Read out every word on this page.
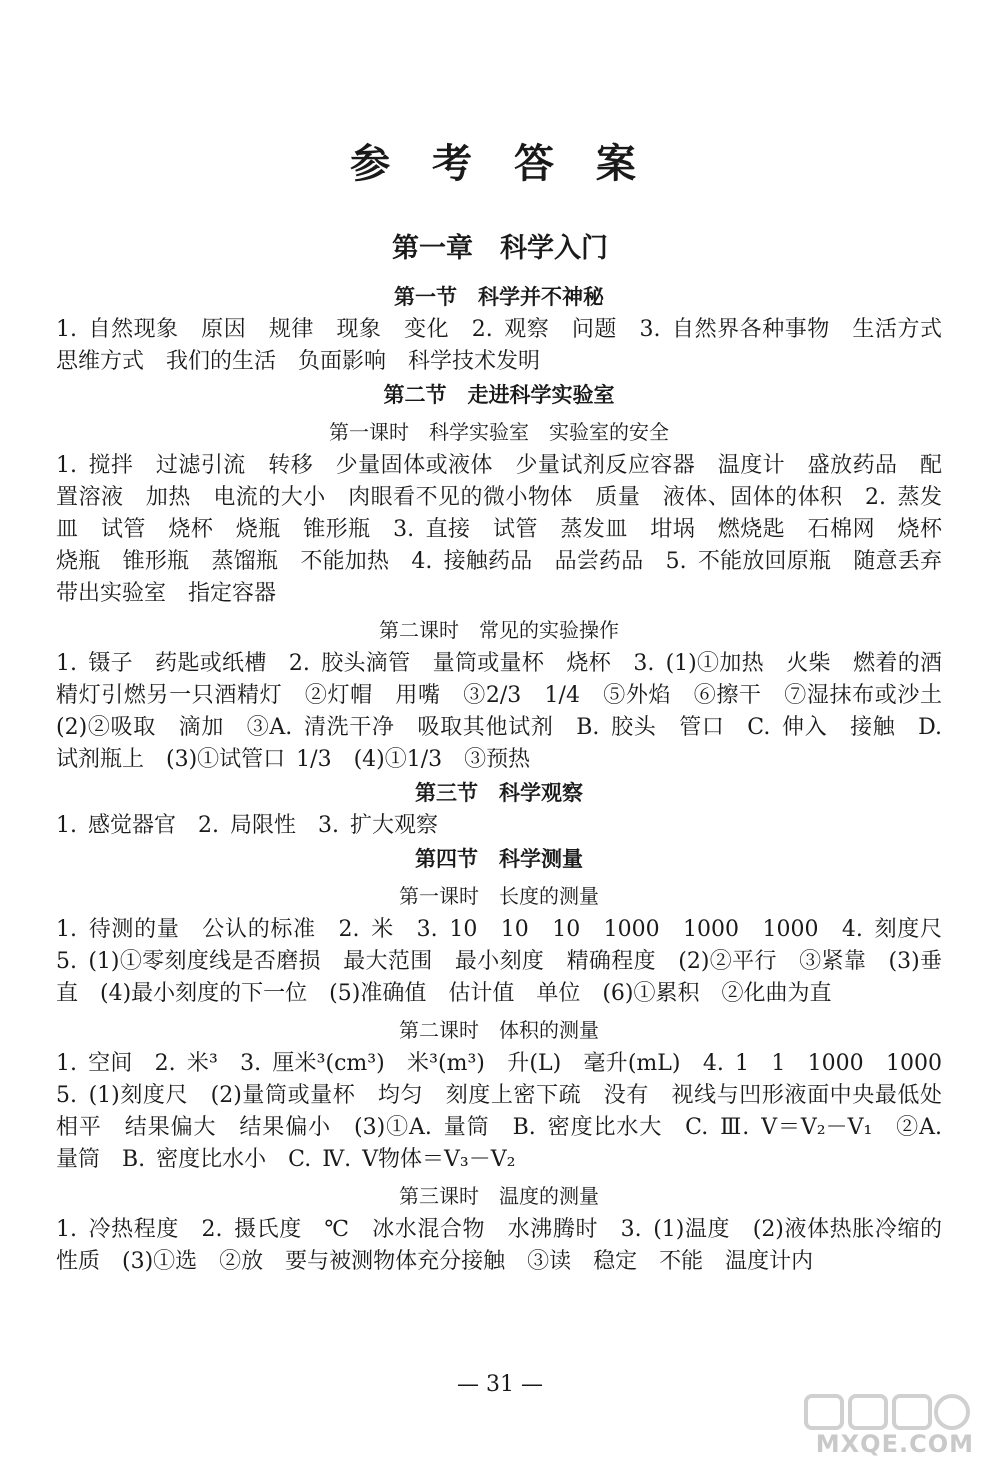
参 考 答 案
第一章　科学入门
第一节　科学并不神秘
1. 自然现象　原因　规律　现象　变化　2. 观察　问题　3. 自然界各种事物　生活方式　思维方式　我们的生活　负面影响　科学技术发明
第二节　走进科学实验室
第一课时　科学实验室　实验室的安全
1. 搅拌　过滤引流　转移　少量固体或液体　少量试剂反应容器　温度计　盛放药品　配置溶液　加热　电流的大小　肉眼看不见的微小物体　质量　液体、固体的体积　2. 蒸发皿　试管　烧杯　烧瓶　锥形瓶　3. 直接　试管　蒸发皿　坩埚　燃烧匙　石棉网　烧杯　烧瓶　锥形瓶　蒸馏瓶　不能加热　4. 接触药品　品尝药品　5. 不能放回原瓶　随意丢弃　带出实验室　指定容器
第二课时　常见的实验操作
1. 镊子　药匙或纸槽　2. 胶头滴管　量筒或量杯　烧杯　3. (1)①加热　火柴　燃着的酒精灯引燃另一只酒精灯　②灯帽　用嘴　③2/3　1/4　⑤外焰　⑥擦干　⑦湿抹布或沙土　(2)②吸取　滴加　③A. 清洗干净　吸取其他试剂　B. 胶头　管口　C. 伸入　接触　D. 试剂瓶上　(3)①试管口 1/3　(4)①1/3　③预热
第三节　科学观察
1. 感觉器官　2. 局限性　3. 扩大观察
第四节　科学测量
第一课时　长度的测量
1. 待测的量　公认的标准　2. 米　3. 10　10　10　1000　1000　1000　4. 刻度尺　5. (1)①零刻度线是否磨损　最大范围　最小刻度　精确程度　(2)②平行　③紧靠　(3)垂直　(4)最小刻度的下一位　(5)准确值　估计值　单位　(6)①累积　②化曲为直
第二课时　体积的测量
1. 空间　2. 米³　3. 厘米³(cm³)　米³(m³)　升(L)　毫升(mL)　4. 1　1　1000　1000　5. (1)刻度尺　(2)量筒或量杯　均匀　刻度上密下疏　没有　视线与凹形液面中央最低处相平　结果偏大　结果偏小　(3)①A. 量筒　B. 密度比水大　C. Ⅲ. V＝V₂－V₁　②A. 量筒　B. 密度比水小　C. Ⅳ. V物体＝V₃－V₂
第三课时　温度的测量
1. 冷热程度　2. 摄氏度　℃　冰水混合物　水沸腾时　3. (1)温度　(2)液体热胀冷缩的性质　(3)①选　②放　要与被测物体充分接触　③读　稳定　不能　温度计内
— 31 —
MXQE.COM
